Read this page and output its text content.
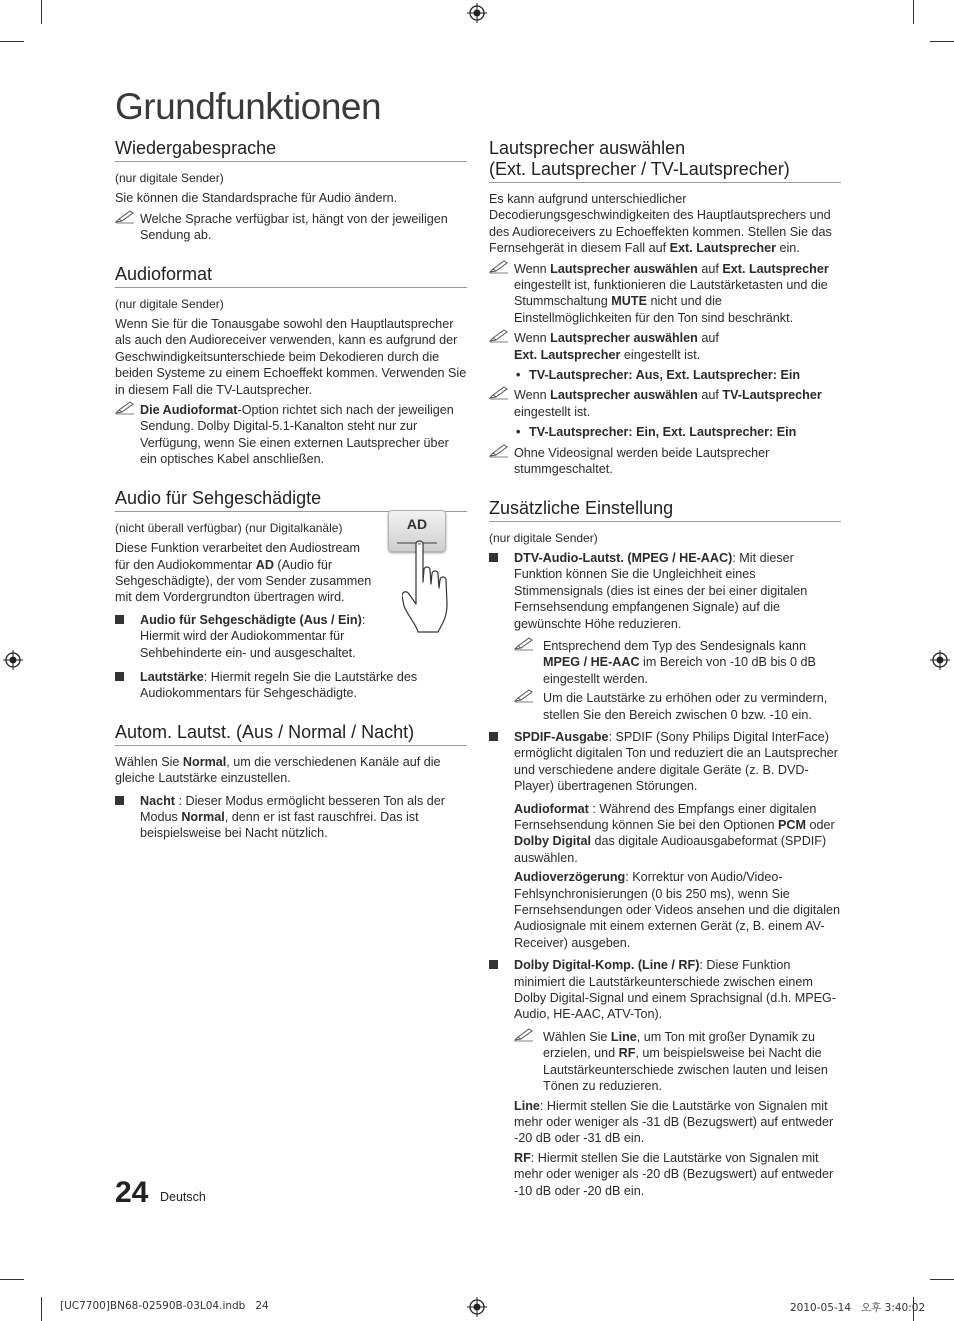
Grundfunktionen
Wiedergabesprache

(nur digitale Sender)

Sie können die Standardsprache für Audio ändern.

Welche Sprache verfügbar ist, hängt von der jeweiligen Sendung ab.
Audioformat

(nur digitale Sender)

Wenn Sie für die Tonausgabe sowohl den Hauptlautsprecher als auch den Audioreceiver verwenden, kann es aufgrund der Geschwindigkeitsunterschiede beim Dekodieren durch die beiden Systeme zu einem Echoeffekt kommen. Verwenden Sie in diesem Fall die TV-Lautsprecher.

Die Audioformat-Option richtet sich nach der jeweiligen Sendung. Dolby Digital-5.1-Kanalton steht nur zur Verfügung, wenn Sie einen externen Lautsprecher über ein optisches Kabel anschließen.
Audio für Sehgeschädigte

(nicht überall verfügbar) (nur Digitalkanäle)

Diese Funktion verarbeitet den Audiostream für den Audiokommentar AD (Audio für Sehgeschädigte), der vom Sender zusammen mit dem Vordergrundton übertragen wird.

Audio für Sehgeschädigte (Aus / Ein): Hiermit wird der Audiokommentar für Sehbehinderte ein- und ausgeschaltet.
Lautstärke: Hiermit regeln Sie die Lautstärke des Audiokommentars für Sehgeschädigte.
AD
Autom. Lautst. (Aus / Normal / Nacht)

Wählen Sie Normal, um die verschiedenen Kanäle auf die gleiche Lautstärke einzustellen.

Nacht : Dieser Modus ermöglicht besseren Ton als der Modus Normal, denn er ist fast rauschfrei. Das ist beispielsweise bei Nacht nützlich.
Lautsprecher auswählen
(Ext. Lautsprecher / TV-Lautsprecher)

Es kann aufgrund unterschiedlicher Decodierungsgeschwindigkeiten des Hauptlautsprechers und des Audioreceivers zu Echoeffekten kommen. Stellen Sie das Fernsehgerät in diesem Fall auf Ext. Lautsprecher ein.

Wenn Lautsprecher auswählen auf Ext. Lautsprecher eingestellt ist, funktionieren die Lautstärketasten und die Stummschaltung MUTE nicht und die Einstellmöglichkeiten für den Ton sind beschränkt.
Wenn Lautsprecher auswählen auf
Ext. Lautsprecher eingestellt ist.
• TV-Lautsprecher: Aus, Ext. Lautsprecher: Ein
Wenn Lautsprecher auswählen auf TV-Lautsprecher eingestellt ist.
• TV-Lautsprecher: Ein, Ext. Lautsprecher: Ein
Ohne Videosignal werden beide Lautsprecher stummgeschaltet.
Zusätzliche Einstellung

(nur digitale Sender)

DTV-Audio-Lautst. (MPEG / HE-AAC): Mit dieser Funktion können Sie die Ungleichheit eines Stimmensignals (dies ist eines der bei einer digitalen Fernsehsendung empfangenen Signale) auf die gewünschte Höhe reduzieren.
Entsprechend dem Typ des Sendesignals kann MPEG / HE-AAC im Bereich von -10 dB bis 0 dB eingestellt werden.
Um die Lautstärke zu erhöhen oder zu vermindern, stellen Sie den Bereich zwischen 0 bzw. -10 ein.
SPDIF-Ausgabe: SPDIF (Sony Philips Digital InterFace) ermöglicht digitalen Ton und reduziert die an Lautsprecher und verschiedene andere digitale Geräte (z. B. DVD-Player) übertragenen Störungen.
Audioformat : Während des Empfangs einer digitalen Fernsehsendung können Sie bei den Optionen PCM oder Dolby Digital das digitale Audioausgabeformat (SPDIF) auswählen.
Audioverzögerung: Korrektur von Audio/Video-Fehlsynchronisierungen (0 bis 250 ms), wenn Sie Fernsehsendungen oder Videos ansehen und die digitalen Audiosignale mit einem externen Gerät (z, B. einem AV-Receiver) ausgeben.
Dolby Digital-Komp. (Line / RF): Diese Funktion minimiert die Lautstärkeunterschiede zwischen einem Dolby Digital-Signal und einem Sprachsignal (d.h. MPEG-Audio, HE-AAC, ATV-Ton).
Wählen Sie Line, um Ton mit großer Dynamik zu erzielen, und RF, um beispielsweise bei Nacht die Lautstärkeunterschiede zwischen lauten und leisen Tönen zu reduzieren.
Line: Hiermit stellen Sie die Lautstärke von Signalen mit mehr oder weniger als -31 dB (Bezugswert) auf entweder -20 dB oder -31 dB ein.
RF: Hiermit stellen Sie die Lautstärke von Signalen mit mehr oder weniger als -20 dB (Bezugswert) auf entweder -10 dB oder -20 dB ein.
24 Deutsch
[UC7700]BN68-02590B-03L04.indb   24	2010-05-14   오후 3:40:02
